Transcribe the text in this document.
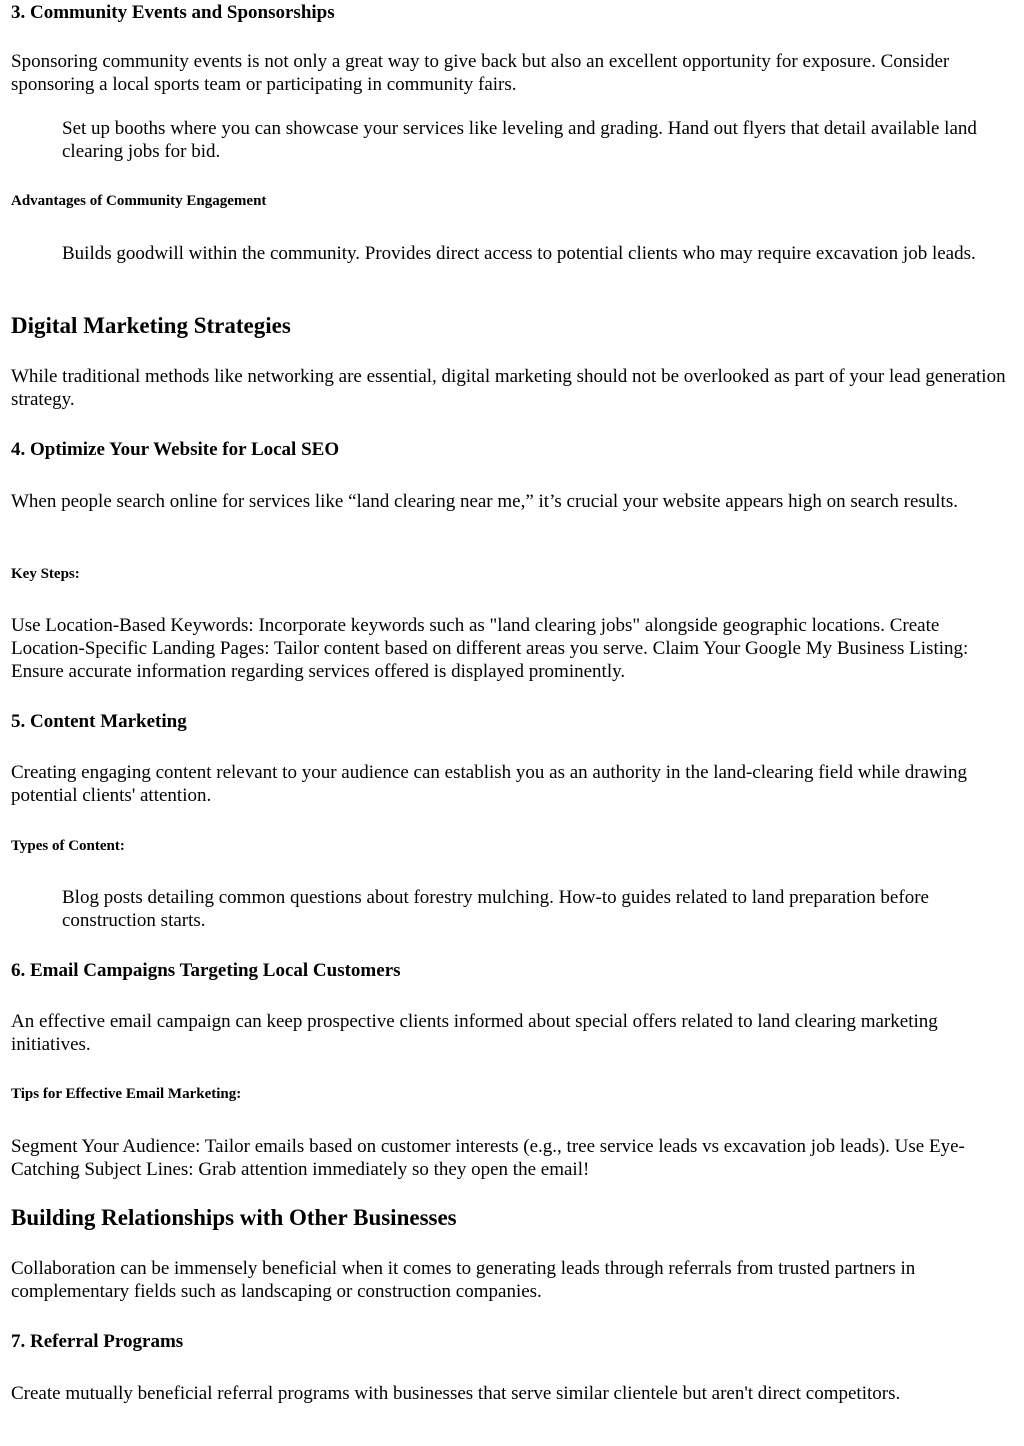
3. Community Events and Sponsorships

Sponsoring community events is not only a great way to give back but also an excellent opportunity for exposure. Consider sponsoring a local sports team or participating in community fairs.

Set up booths where you can showcase your services like leveling and grading. Hand out flyers that detail available land clearing jobs for bid.
Advantages of Community Engagement
Builds goodwill within the community. Provides direct access to potential clients who may require excavation job leads.
Digital Marketing Strategies

While traditional methods like networking are essential, digital marketing should not be overlooked as part of your lead generation strategy.

4. Optimize Your Website for Local SEO

When people search online for services like “land clearing near me,” it’s crucial your website appears high on search results.

Key Steps:

Use Location-Based Keywords: Incorporate keywords such as "land clearing jobs" alongside geographic locations. Create Location-Specific Landing Pages: Tailor content based on different areas you serve. Claim Your Google My Business Listing: Ensure accurate information regarding services offered is displayed prominently.

5. Content Marketing

Creating engaging content relevant to your audience can establish you as an authority in the land-clearing field while drawing potential clients' attention.

Types of Content:
Blog posts detailing common questions about forestry mulching. How-to guides related to land preparation before construction starts.
6. Email Campaigns Targeting Local Customers

An effective email campaign can keep prospective clients informed about special offers related to land clearing marketing initiatives.

Tips for Effective Email Marketing:

Segment Your Audience: Tailor emails based on customer interests (e.g., tree service leads vs excavation job leads). Use Eye-Catching Subject Lines: Grab attention immediately so they open the email!

Building Relationships with Other Businesses

Collaboration can be immensely beneficial when it comes to generating leads through referrals from trusted partners in complementary fields such as landscaping or construction companies.

7. Referral Programs

Create mutually beneficial referral programs with businesses that serve similar clientele but aren't direct competitors.
